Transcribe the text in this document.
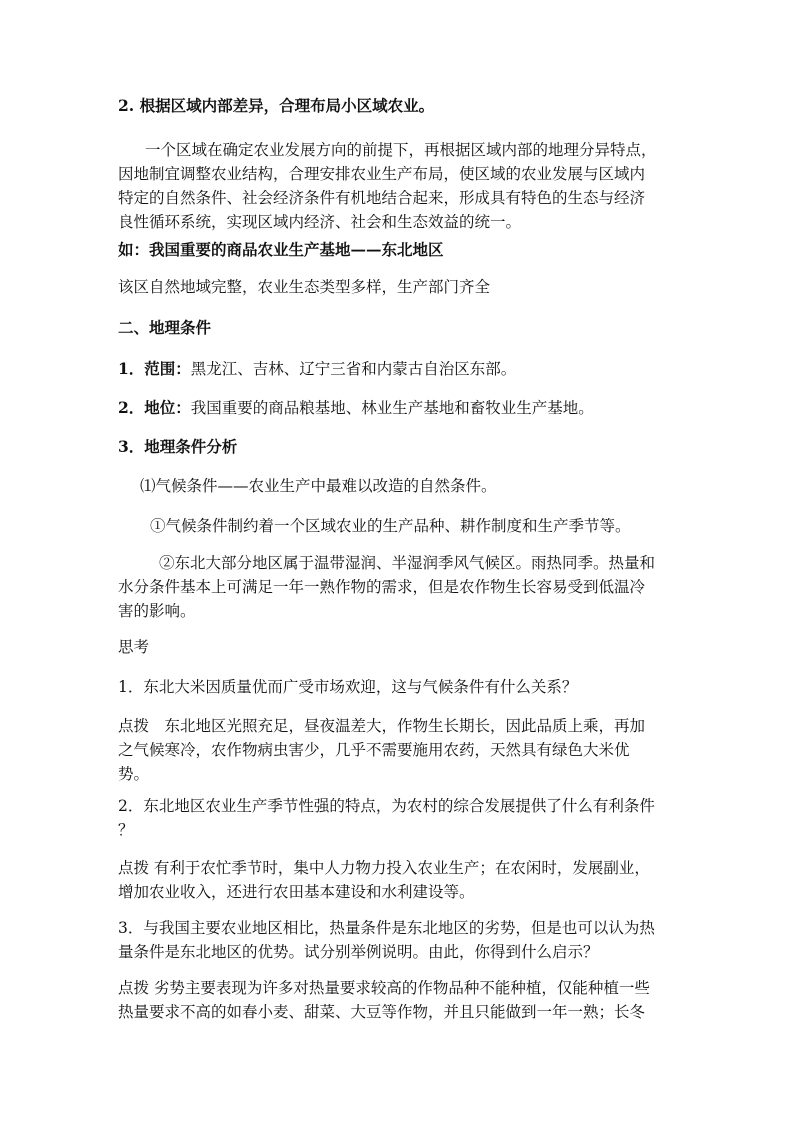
2. 根据区域内部差异，合理布局小区域农业。

一个区域在确定农业发展方向的前提下，再根据区域内部的地理分异特点，

因地制宜调整农业结构，合理安排农业生产布局，使区域的农业发展与区域内

特定的自然条件、社会经济条件有机地结合起来，形成具有特色的生态与经济

良性循环系统，实现区域内经济、社会和生态效益的统一。

如：我国重要的商品农业生产基地——东北地区

该区自然地域完整，农业生态类型多样，生产部门齐全

二、地理条件

1．范围：黑龙江、吉林、辽宁三省和内蒙古自治区东部。

2．地位：我国重要的商品粮基地、林业生产基地和畜牧业生产基地。

3．地理条件分析

⑴气候条件——农业生产中最难以改造的自然条件。

①气候条件制约着一个区域农业的生产品种、耕作制度和生产季节等。

②东北大部分地区属于温带湿润、半湿润季风气候区。雨热同季。热量和

水分条件基本上可满足一年一熟作物的需求，但是农作物生长容易受到低温冷

害的影响。

思考

1．东北大米因质量优而广受市场欢迎，这与气候条件有什么关系？

点拨　东北地区光照充足，昼夜温差大，作物生长期长，因此品质上乘，再加

之气候寒冷，农作物病虫害少，几乎不需要施用农药，天然具有绿色大米优

势。

2．东北地区农业生产季节性强的特点，为农村的综合发展提供了什么有利条件

？

点拨 有利于农忙季节时，集中人力物力投入农业生产；在农闲时，发展副业，

增加农业收入，还进行农田基本建设和水利建设等。

3．与我国主要农业地区相比，热量条件是东北地区的劣势，但是也可以认为热

量条件是东北地区的优势。试分别举例说明。由此，你得到什么启示？

点拨 劣势主要表现为许多对热量要求较高的作物品种不能种植，仅能种植一些

热量要求不高的如春小麦、甜菜、大豆等作物，并且只能做到一年一熟；长冬
